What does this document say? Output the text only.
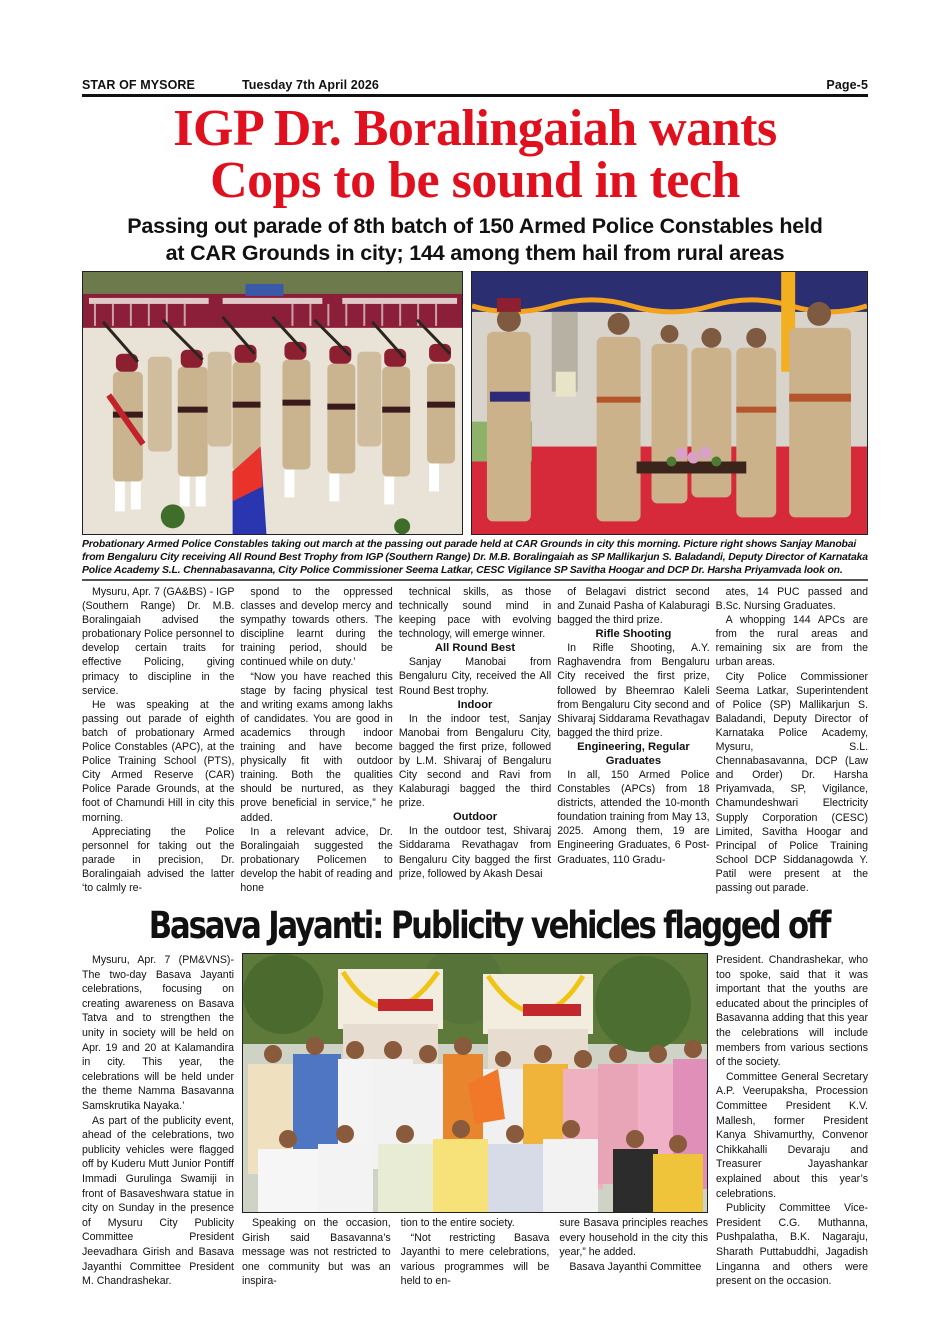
STAR OF MYSORE	Tuesday 7th April 2026	Page-5
IGP Dr. Boralingaiah wants
Cops to be sound in tech
Passing out parade of 8th batch of 150 Armed Police Constables held
at CAR Grounds in city; 144 among them hail from rural areas
Probationary Armed Police Constables taking out march at the passing out parade held at CAR Grounds in city this morning. Picture right shows Sanjay Manobai from Bengaluru City receiving All Round Best Trophy from IGP (Southern Range) Dr. M.B. Boralingaiah as SP Mallikarjun S. Baladandi, Deputy Director of Karnataka Police Academy S.L. Chennabasavanna, City Police Commissioner Seema Latkar, CESC Vigilance SP Savitha Hoogar and DCP Dr. Harsha Priyamvada look on.

Mysuru, Apr. 7 (GA&BS) - IGP (Southern Range) Dr. M.B. Boralingaiah advised the probationary Police personnel to develop certain traits for effective Policing, giving primacy to discipline in the service.

He was speaking at the passing out parade of eighth batch of probationary Armed Police Constables (APC), at the Police Training School (PTS), City Armed Reserve (CAR) Police Parade Grounds, at the foot of Chamundi Hill in city this morning.

Appreciating the Police personnel for taking out the parade in precision, Dr. Boralingaiah advised the latter ‘to calmly re-

spond to the oppressed classes and develop mercy and sympathy towards others. The discipline learnt during the training period, should be continued while on duty.’

“Now you have reached this stage by facing physical test and writing exams among lakhs of candidates. You are good in academics through indoor training and have become physically fit with outdoor training. Both the qualities should be nurtured, as they prove beneficial in service,” he added.

In a relevant advice, Dr. Boralingaiah suggested the probationary Policemen to develop the habit of reading and hone

technical skills, as those technically sound mind in keeping pace with evolving technology, will emerge winner.

All Round Best

Sanjay Manobai from Bengaluru City, received the All Round Best trophy.

Indoor

In the indoor test, Sanjay Manobai from Bengaluru City, bagged the first prize, followed by L.M. Shivaraj of Bengaluru City second and Ravi from Kalaburagi bagged the third prize.

Outdoor

In the outdoor test, Shivaraj Siddarama Revathagav from Bengaluru City bagged the first prize, followed by Akash Desai

of Belagavi district second and Zunaid Pasha of Kalaburagi bagged the third prize.

Rifle Shooting

In Rifle Shooting, A.Y. Raghavendra from Bengaluru City received the first prize, followed by Bheemrao Kaleli from Bengaluru City second and Shivaraj Siddarama Revathagav bagged the third prize.

Engineering, Regular Graduates

In all, 150 Armed Police Constables (APCs) from 18 districts, attended the 10-month foundation training from May 13, 2025. Among them, 19 are Engineering Graduates, 6 Post- Graduates, 110 Gradu-

ates, 14 PUC passed and B.Sc. Nursing Graduates.

A whopping 144 APCs are from the rural areas and remaining six are from the urban areas.

City Police Commissioner Seema Latkar, Superintendent of Police (SP) Mallikarjun S. Baladandi, Deputy Director of Karnataka Police Academy, Mysuru, S.L. Chennabasavanna, DCP (Law and Order) Dr. Harsha Priyamvada, SP, Vigilance, Chamundeshwari Electricity Supply Corporation (CESC) Limited, Savitha Hoogar and Principal of Police Training School DCP Siddanagowda Y. Patil were present at the passing out parade.

Basava Jayanti: Publicity vehicles flagged off

Mysuru, Apr. 7 (PM&VNS)- The two-day Basava Jayanti celebrations, focusing on creating awareness on Basava Tatva and to strengthen the unity in society will be held on Apr. 19 and 20 at Kalamandira in city. This year, the celebrations will be held under the theme Namma Basavanna Samskrutika Nayaka.’

As part of the publicity event, ahead of the celebrations, two publicity vehicles were flagged off by Kuderu Mutt Junior Pontiff Immadi Gurulinga Swamiji in front of Basaveshwara statue in city on Sunday in the presence of Mysuru City Publicity Committee President Jeevadhara Girish and Basava Jayanthi Committee President M. Chandrashekar.

Speaking on the occasion, Girish said Basavanna’s message was not restricted to one community but was an inspira-

tion to the entire society.

“Not restricting Basava Jayanthi to mere celebrations, various programmes will be held to en-

sure Basava principles reaches every household in the city this year,” he added.

Basava Jayanthi Committee

President. Chandrashekar, who too spoke, said that it was important that the youths are educated about the principles of Basavanna adding that this year the celebrations will include members from various sections of the society.

Committee General Secretary A.P. Veerupaksha, Procession Committee President K.V. Mallesh, former President Kanya Shivamurthy, Convenor Chikkahalli Devaraju and Treasurer Jayashankar explained about this year’s celebrations.

Publicity Committee Vice-President C.G. Muthanna, Pushpalatha, B.K. Nagaraju, Sharath Puttabuddhi, Jagadish Linganna and others were present on the occasion.
